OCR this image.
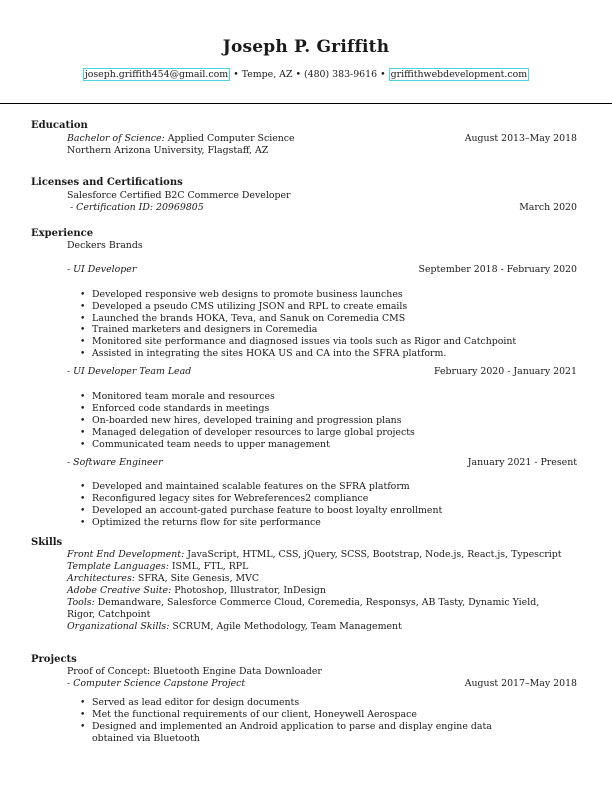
Joseph P. Griffith
joseph.griffith454@gmail.com • Tempe, AZ • (480) 383-9616 • griffithwebdevelopment.com
Education
Bachelor of Science: Applied Computer Science	August 2013–May 2018
Northern Arizona University, Flagstaff, AZ
Licenses and Certifications
Salesforce Certified B2C Commerce Developer
- Certification ID: 20969805	March 2020
Experience
Deckers Brands
- UI Developer	September 2018 - February 2020
• Developed responsive web designs to promote business launches
• Developed a pseudo CMS utilizing JSON and RPL to create emails
• Launched the brands HOKA, Teva, and Sanuk on Coremedia CMS
• Trained marketers and designers in Coremedia
• Monitored site performance and diagnosed issues via tools such as Rigor and Catchpoint
• Assisted in integrating the sites HOKA US and CA into the SFRA platform.
- UI Developer Team Lead	February 2020 - January 2021
• Monitored team morale and resources
• Enforced code standards in meetings
• On-boarded new hires, developed training and progression plans
• Managed delegation of developer resources to large global projects
• Communicated team needs to upper management
- Software Engineer	January 2021 - Present
• Developed and maintained scalable features on the SFRA platform
• Reconfigured legacy sites for Webreferences2 compliance
• Developed an account-gated purchase feature to boost loyalty enrollment
• Optimized the returns flow for site performance
Skills
Front End Development: JavaScript, HTML, CSS, jQuery, SCSS, Bootstrap, Node.js, React.js, Typescript
Template Languages: ISML, FTL, RPL
Architectures: SFRA, Site Genesis, MVC
Adobe Creative Suite: Photoshop, Illustrator, InDesign
Tools: Demandware, Salesforce Commerce Cloud, Coremedia, Responsys, AB Tasty, Dynamic Yield,
Rigor, Catchpoint
Organizational Skills: SCRUM, Agile Methodology, Team Management
Projects
Proof of Concept: Bluetooth Engine Data Downloader
- Computer Science Capstone Project	August 2017–May 2018
• Served as lead editor for design documents
• Met the functional requirements of our client, Honeywell Aerospace
• Designed and implemented an Android application to parse and display engine data
obtained via Bluetooth
